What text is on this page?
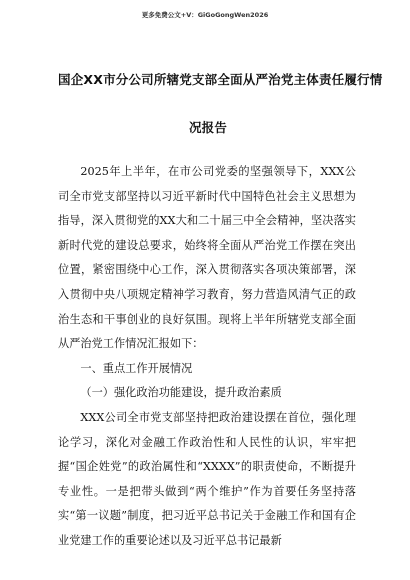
更多免费公文+V：GiGoGongWen2026
国企XX市分公司所辖党支部全面从严治党主体责任履行情
况报告

2025年上半年，在市公司党委的坚强领导下，XXX公司全市党支部坚持以习近平新时代中国特色社会主义思想为指导，深入贯彻党的XX大和二十届三中全会精神，坚决落实新时代党的建设总要求，始终将全面从严治党工作摆在突出位置，紧密围绕中心工作，深入贯彻落实各项决策部署，深入贯彻中央八项规定精神学习教育，努力营造风清气正的政治生态和干事创业的良好氛围。现将上半年所辖党支部全面从严治党工作情况汇报如下：

一、重点工作开展情况
（一）强化政治功能建设，提升政治素质

XXX公司全市党支部坚持把政治建设摆在首位，强化理论学习，深化对金融工作政治性和人民性的认识，牢牢把握“国企姓党”的政治属性和“XXXX”的职责使命，不断提升专业性。一是把带头做到“两个维护”作为首要任务坚持落实“第一议题”制度，把习近平总书记关于金融工作和国有企业党建工作的重要论述以及习近平总书记最新
